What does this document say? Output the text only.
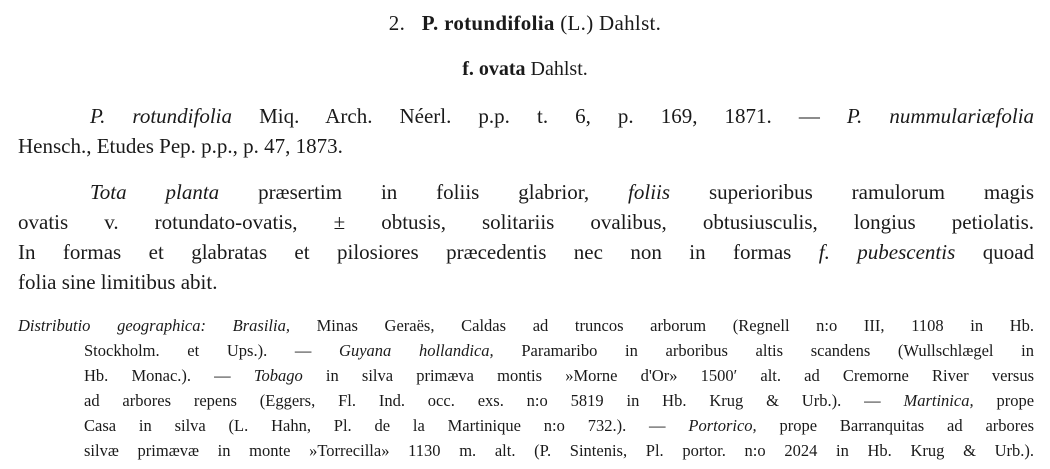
2. P. rotundifolia (L.) Dahlst.
f. ovata Dahlst.
P. rotundifolia Miq. Arch. Néerl. p.p. t. 6, p. 169, 1871. — P. nummulariæfolia
Hensch., Etudes Pep. p.p., p. 47, 1873.
Tota planta præsertim in foliis glabrior, foliis superioribus ramulorum magis
ovatis v. rotundato-ovatis, ± obtusis, solitariis ovalibus, obtusiusculis, longius petiolatis.
In formas et glabratas et pilosiores præcedentis nec non in formas f. pubescentis quoad
folia sine limitibus abit.
Distributio geographica: Brasilia, Minas Geraës, Caldas ad truncos arborum (Regnell n:o III, 1108 in Hb.
Stockholm. et Ups.). — Guyana hollandica, Paramaribo in arboribus altis scandens (Wullschlægel in
Hb. Monac.). — Tobago in silva primæva montis »Morne d'Or» 1500′ alt. ad Cremorne River versus
ad arbores repens (Eggers, Fl. Ind. occ. exs. n:o 5819 in Hb. Krug & Urb.). — Martinica, prope
Casa in silva (L. Hahn, Pl. de la Martinique n:o 732.). — Portorico, prope Barranquitas ad arbores
silvæ primævæ in monte »Torrecilla» 1130 m. alt. (P. Sintenis, Pl. portor. n:o 2024 in Hb. Krug & Urb.).
